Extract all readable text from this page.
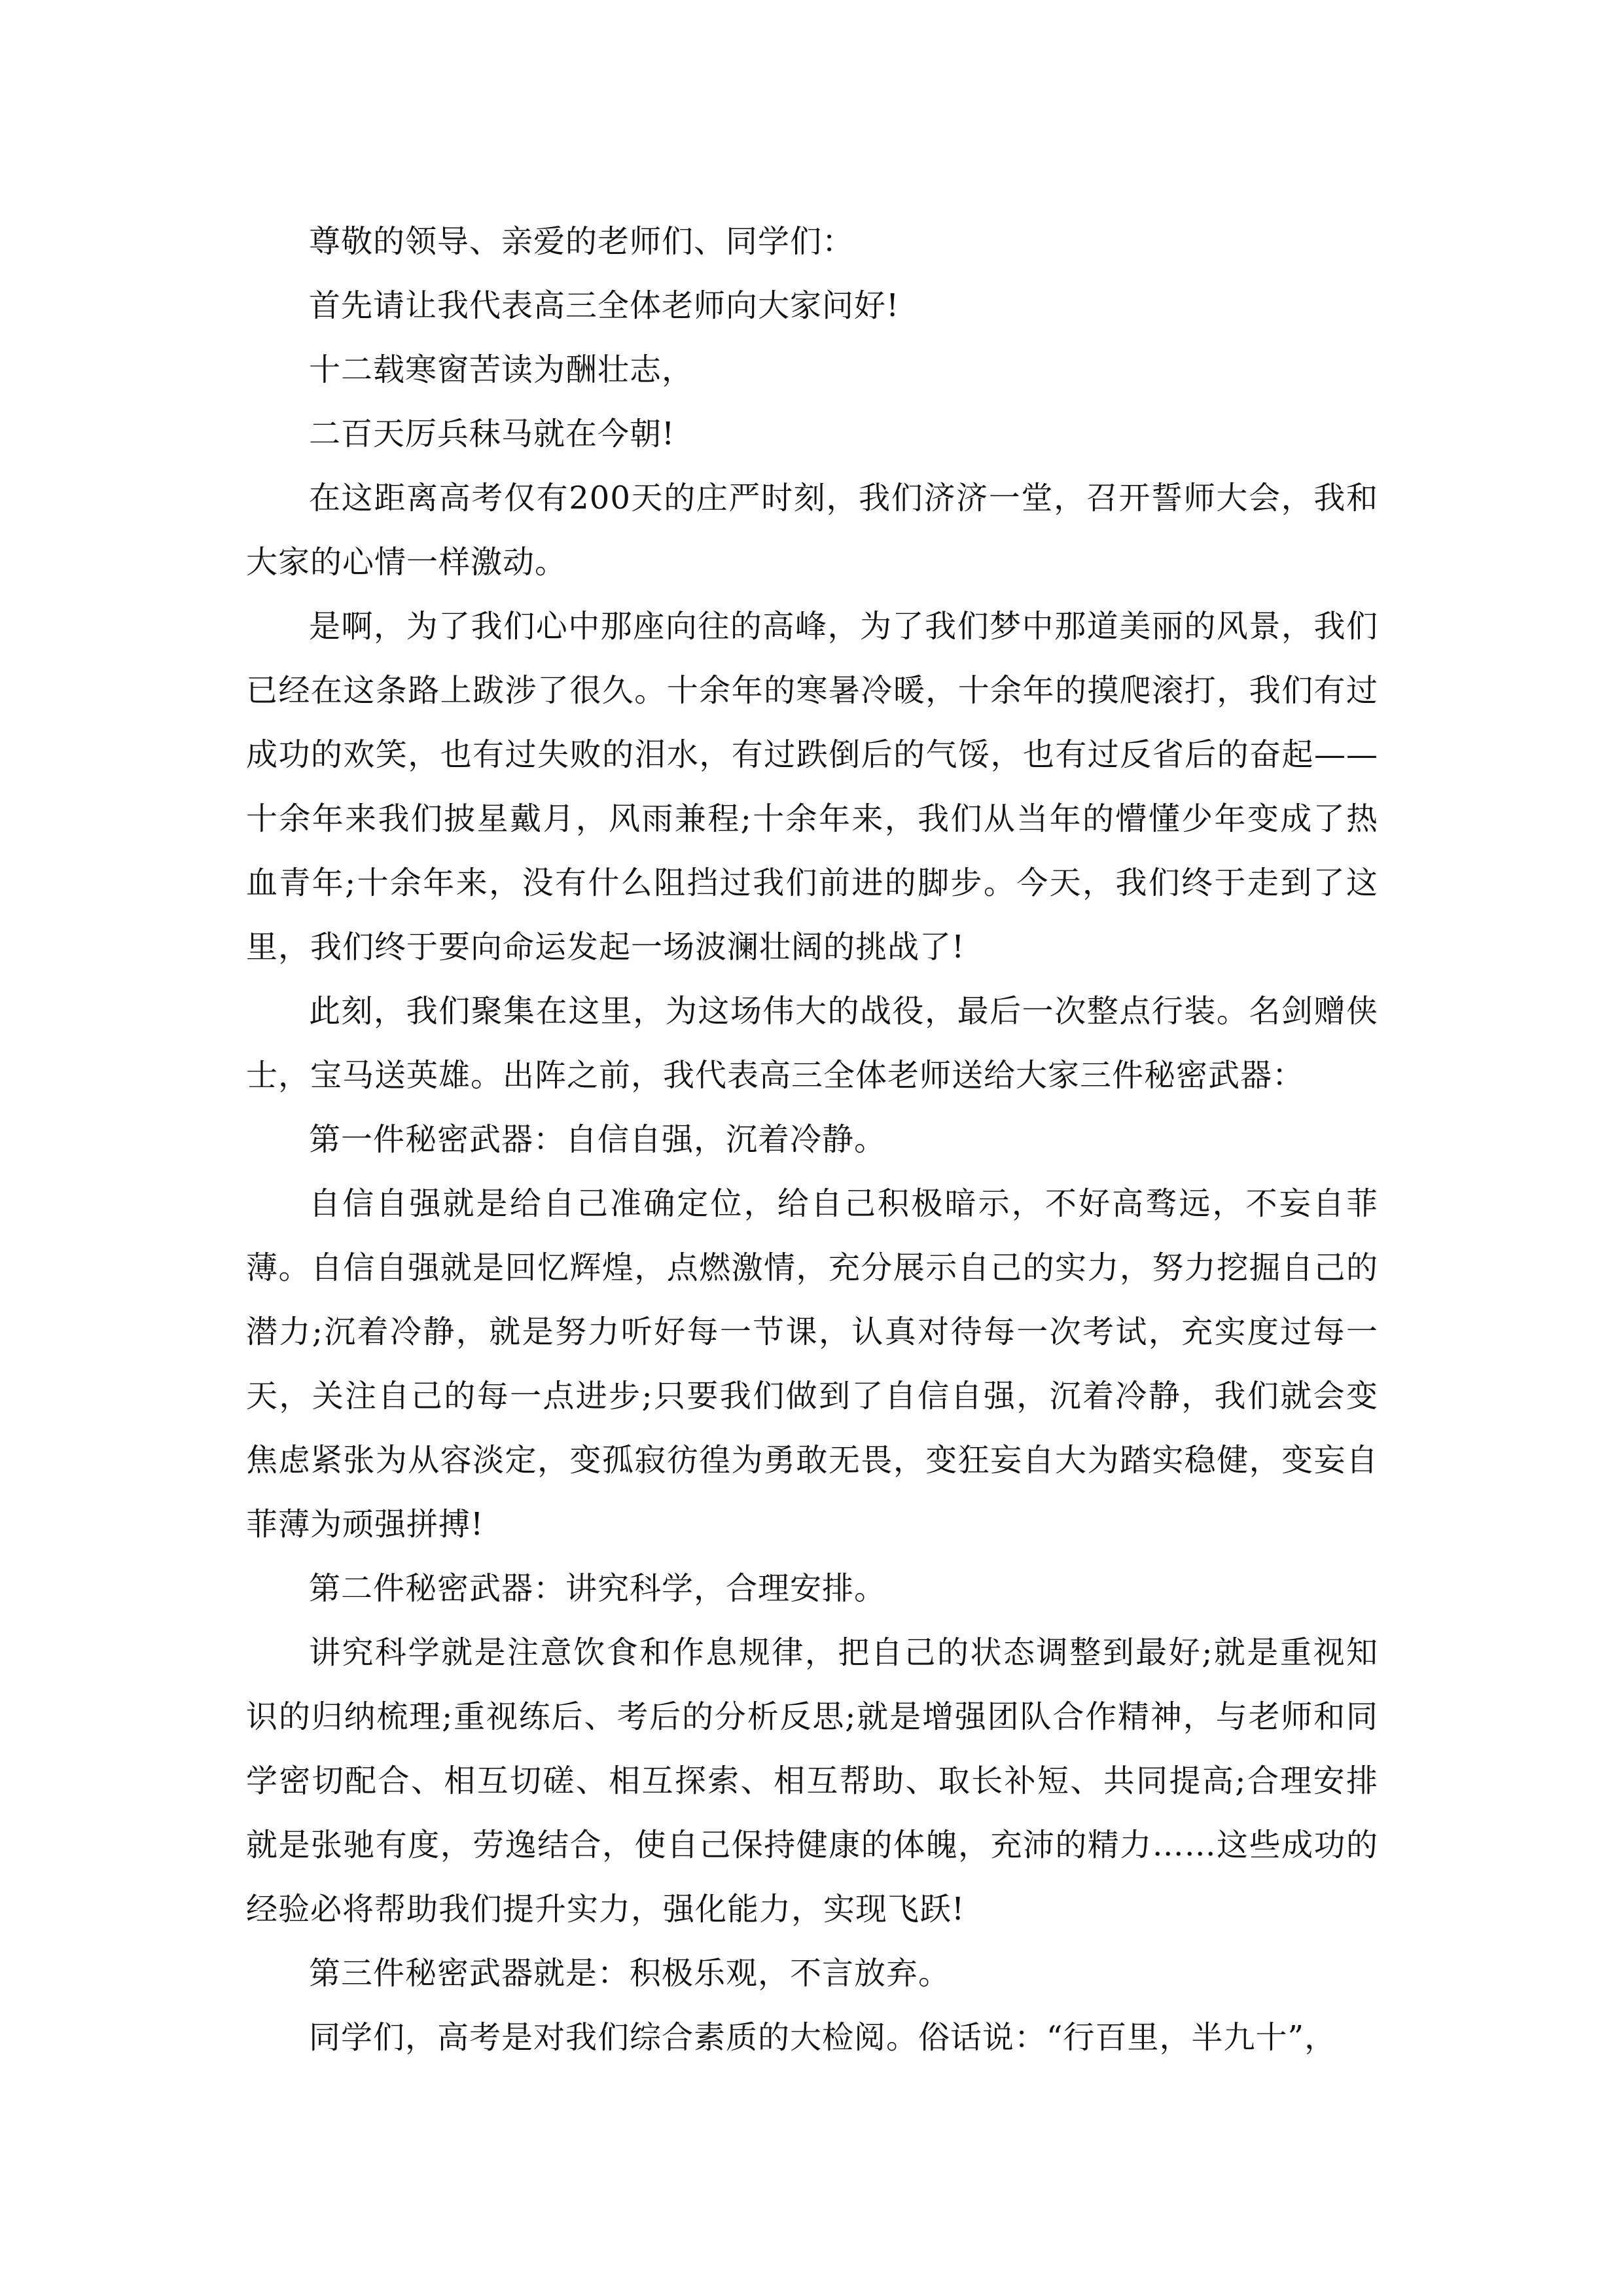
尊敬的领导、亲爱的老师们、同学们：

首先请让我代表高三全体老师向大家问好!

十二载寒窗苦读为酬壮志，

二百天厉兵秣马就在今朝!

在这距离高考仅有200天的庄严时刻，我们济济一堂，召开誓师大会，我和大家的心情一样激动。

是啊，为了我们心中那座向往的高峰，为了我们梦中那道美丽的风景，我们已经在这条路上跋涉了很久。十余年的寒暑冷暖，十余年的摸爬滚打，我们有过成功的欢笑，也有过失败的泪水，有过跌倒后的气馁，也有过反省后的奋起——十余年来我们披星戴月，风雨兼程;十余年来，我们从当年的懵懂少年变成了热血青年;十余年来，没有什么阻挡过我们前进的脚步。今天，我们终于走到了这里，我们终于要向命运发起一场波澜壮阔的挑战了!

此刻，我们聚集在这里，为这场伟大的战役，最后一次整点行装。名剑赠侠士，宝马送英雄。出阵之前，我代表高三全体老师送给大家三件秘密武器：

第一件秘密武器：自信自强，沉着冷静。

自信自强就是给自己准确定位，给自己积极暗示，不好高骛远，不妄自菲薄。自信自强就是回忆辉煌，点燃激情，充分展示自己的实力，努力挖掘自己的潜力;沉着冷静，就是努力听好每一节课，认真对待每一次考试，充实度过每一天，关注自己的每一点进步;只要我们做到了自信自强，沉着冷静，我们就会变焦虑紧张为从容淡定，变孤寂彷徨为勇敢无畏，变狂妄自大为踏实稳健，变妄自菲薄为顽强拼搏!

第二件秘密武器：讲究科学，合理安排。

讲究科学就是注意饮食和作息规律，把自己的状态调整到最好;就是重视知识的归纳梳理;重视练后、考后的分析反思;就是增强团队合作精神，与老师和同学密切配合、相互切磋、相互探索、相互帮助、取长补短、共同提高;合理安排就是张驰有度，劳逸结合，使自己保持健康的体魄，充沛的精力……这些成功的经验必将帮助我们提升实力，强化能力，实现飞跃!

第三件秘密武器就是：积极乐观，不言放弃。

同学们，高考是对我们综合素质的大检阅。俗话说：“行百里，半九十”，
